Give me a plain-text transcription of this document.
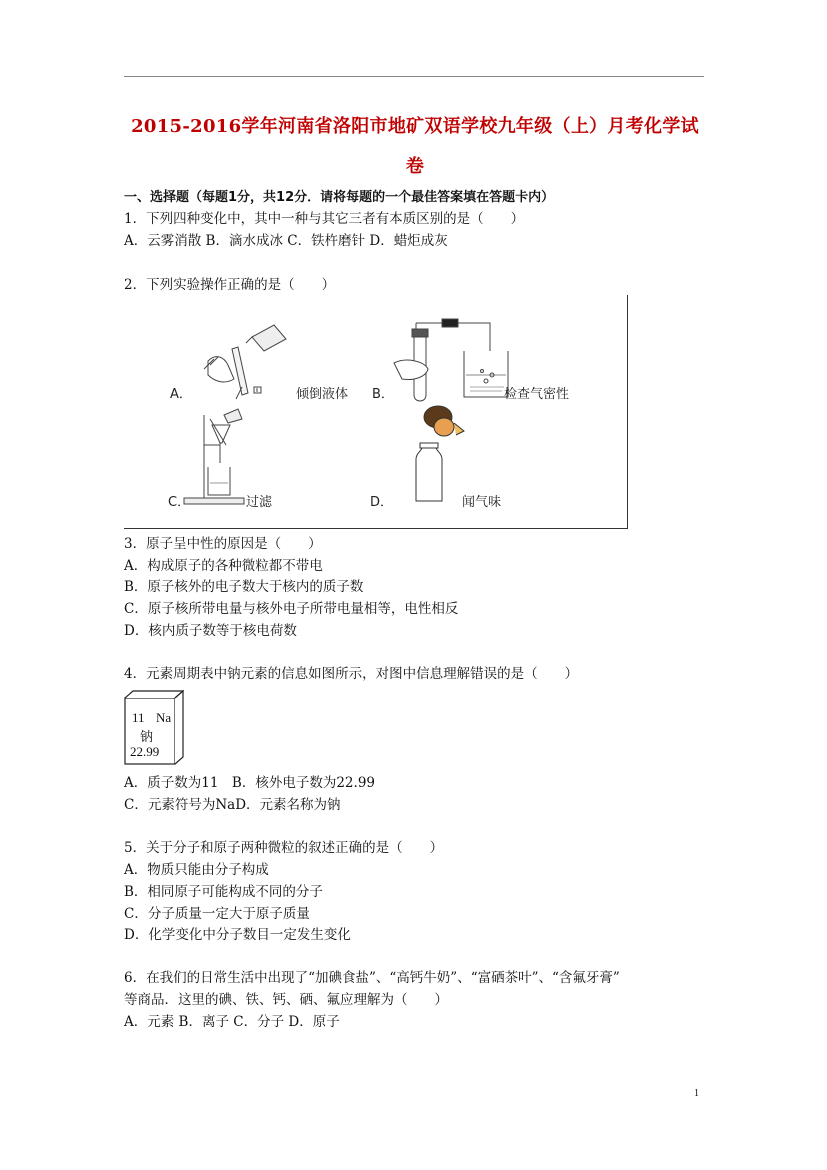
2015-2016学年河南省洛阳市地矿双语学校九年级（上）月考化学试
卷
一、选择题（每题1分，共12分．请将每题的一个最佳答案填在答题卡内）
1．下列四种变化中，其中一种与其它三者有本质区别的是（　　）
A．云雾消散 B．滴水成冰 C．铁杵磨针 D．蜡炬成灰
2．下列实验操作正确的是（　　）
A．	倾倒液体 B．	检查气密性
C．	过滤	D．	闻气味
3．原子呈中性的原因是（　　）
A．构成原子的各种微粒都不带电
B．原子核外的电子数大于核内的质子数
C．原子核所带电量与核外电子所带电量相等，电性相反
D．核内质子数等于核电荷数
4．元素周期表中钠元素的信息如图所示，对图中信息理解错误的是（　　）
11 Na
钠
22.99
A．质子数为11　B．核外电子数为22.99
C．元素符号为NaD．元素名称为钠
5．关于分子和原子两种微粒的叙述正确的是（　　）
A．物质只能由分子构成
B．相同原子可能构成不同的分子
C．分子质量一定大于原子质量
D．化学变化中分子数目一定发生变化
6．在我们的日常生活中出现了“加碘食盐”、“高钙牛奶”、“富硒茶叶”、“含氟牙膏”
等商品．这里的碘、铁、钙、硒、氟应理解为（　　）
A．元素 B．离子 C．分子 D．原子
1
